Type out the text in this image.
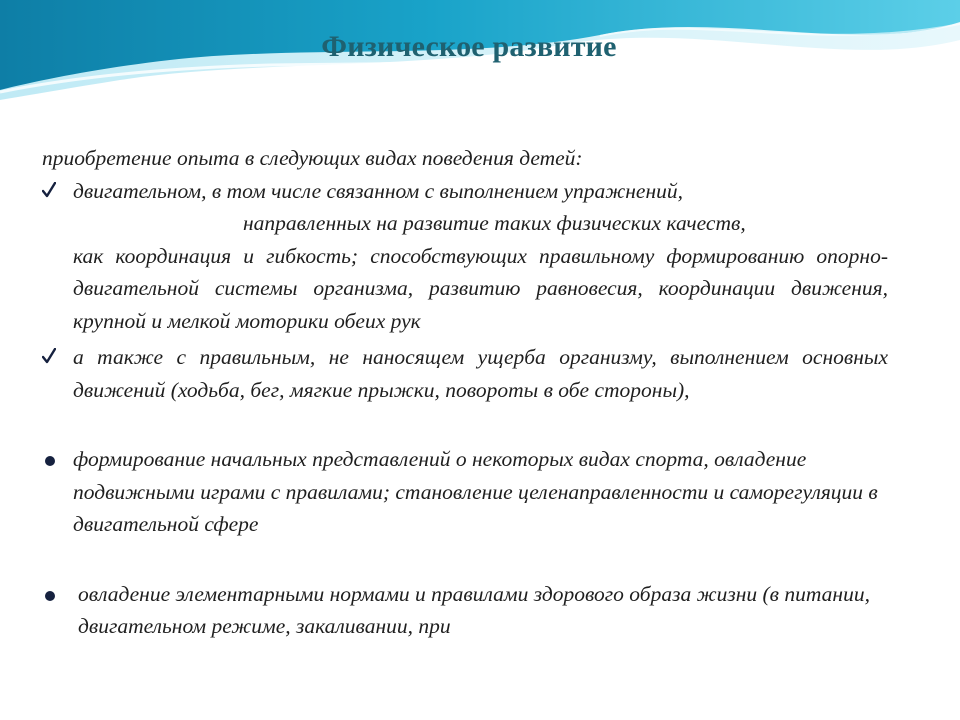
Физическое развитие

приобретение опыта в следующих видах поведения детей:

двигательном, в том числе связанном с выполнением упражнений,
направленных на развитие таких физических качеств,
как координация и гибкость; способствующих правильному формированию опорно-двигательной системы организма, развитию равновесия, координации движения, крупной и мелкой моторики обеих рук
а также с правильным, не наносящем ущерба организму, выполнением основных движений (ходьба, бег, мягкие прыжки, повороты в обе стороны),
формирование начальных представлений о некоторых видах спорта, овладение подвижными играми с правилами; становление целенаправленности и саморегуляции в двигательной сфере
овладение элементарными нормами и правилами здорового образа жизни (в питании, двигательном режиме, закаливании, при
